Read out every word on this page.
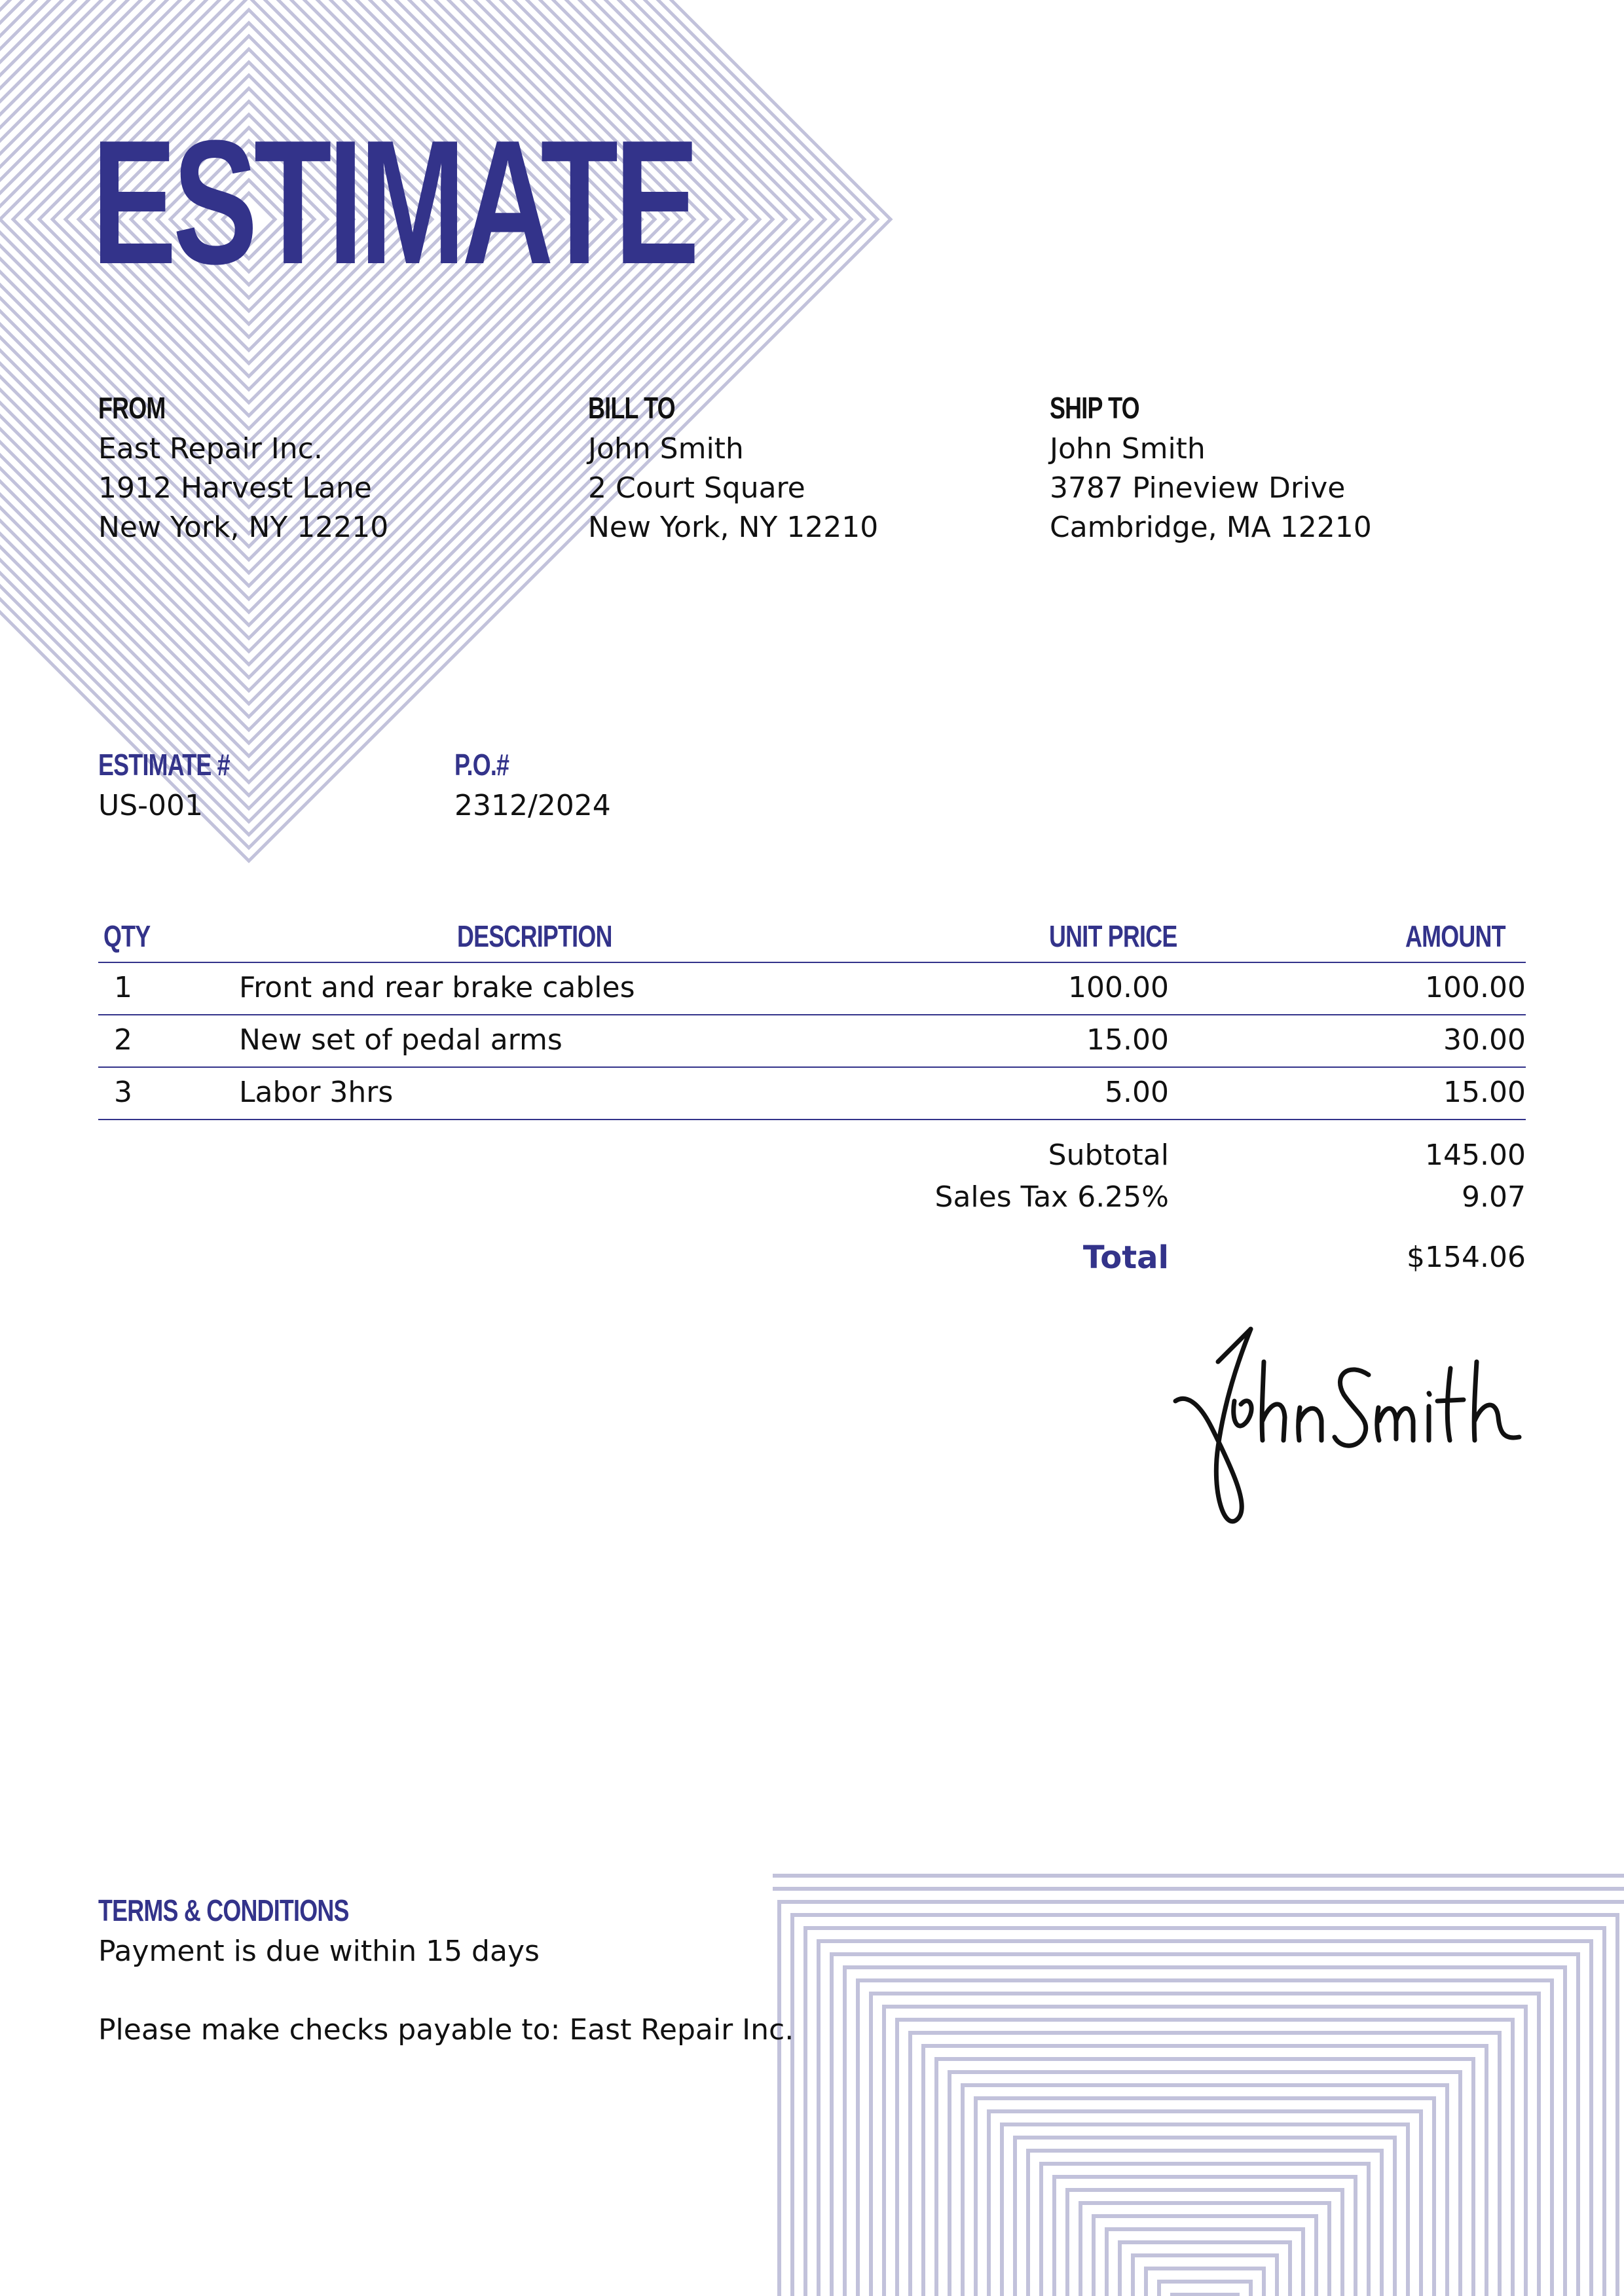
ESTIMATE
FROM
East Repair Inc.
1912 Harvest Lane
New York, NY 12210
BILL TO
John Smith
2 Court Square
New York, NY 12210
SHIP TO
John Smith
3787 Pineview Drive
Cambridge, MA 12210
ESTIMATE #
US-001
P.O.#
2312/2024
QTY	DESCRIPTION	UNIT PRICE	AMOUNT
1	Front and rear brake cables	100.00	100.00
2	New set of pedal arms	15.00	30.00
3	Labor 3hrs	5.00	15.00
Subtotal	145.00
Sales Tax 6.25%	9.07
Total	$154.06
TERMS & CONDITIONS
Payment is due within 15 days
Please make checks payable to: East Repair Inc.
